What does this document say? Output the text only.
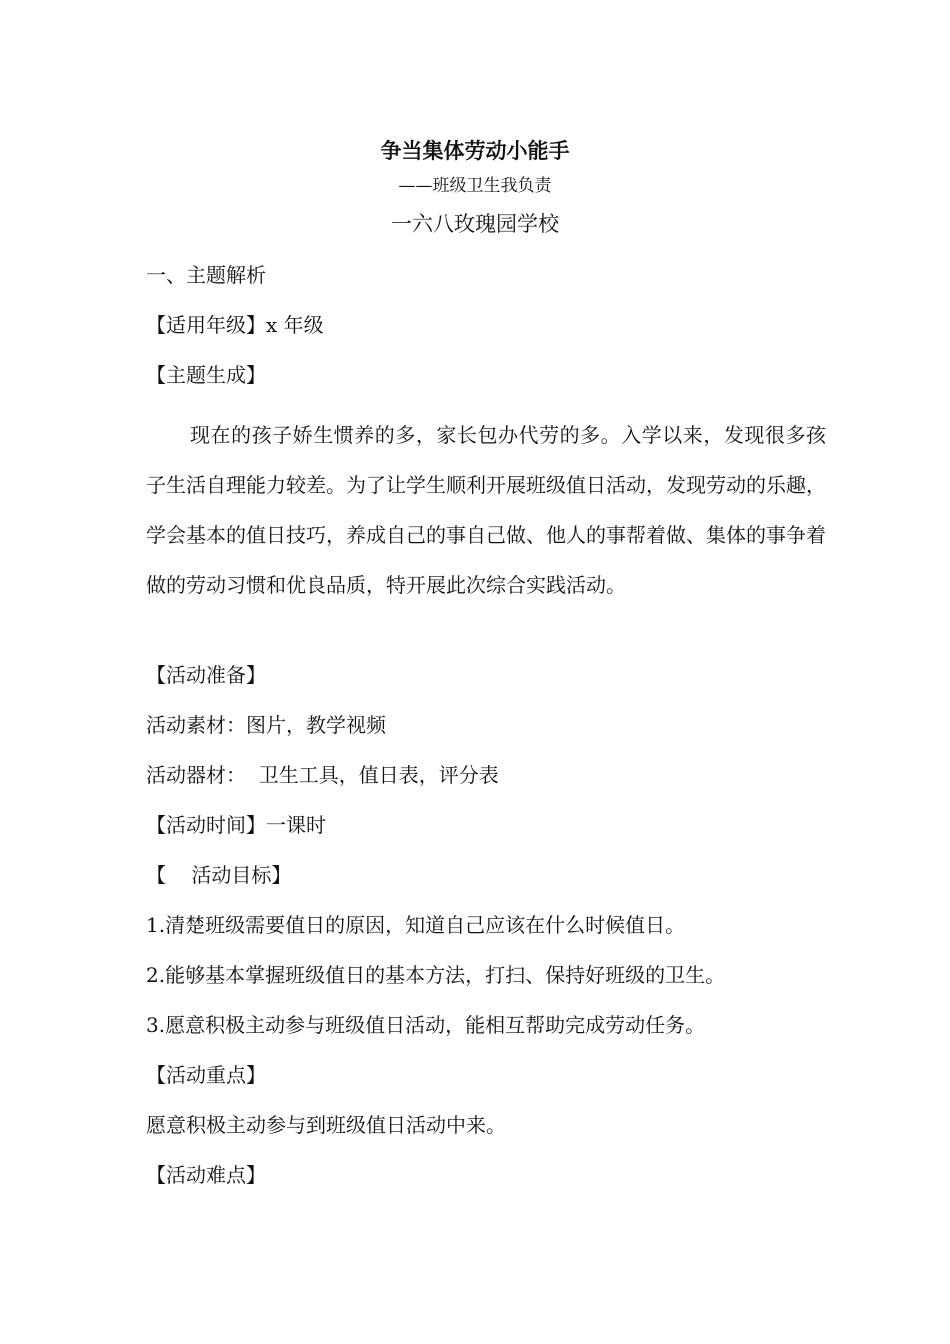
争当集体劳动小能手
——班级卫生我负责
一六八玫瑰园学校
一、主题解析
【适用年级】x 年级
【主题生成】
现在的孩子娇生惯养的多，家长包办代劳的多。入学以来，发现很多孩子生活自理能力较差。为了让学生顺利开展班级值日活动，发现劳动的乐趣，学会基本的值日技巧，养成自己的事自己做、他人的事帮着做、集体的事争着做的劳动习惯和优良品质，特开展此次综合实践活动。
【活动准备】
活动素材：图片，教学视频
活动器材：  卫生工具，值日表，评分表
【活动时间】一课时
【    活动目标】
1.清楚班级需要值日的原因，知道自己应该在什么时候值日。
2.能够基本掌握班级值日的基本方法，打扫、保持好班级的卫生。
3.愿意积极主动参与班级值日活动，能相互帮助完成劳动任务。
【活动重点】
愿意积极主动参与到班级值日活动中来。
【活动难点】
